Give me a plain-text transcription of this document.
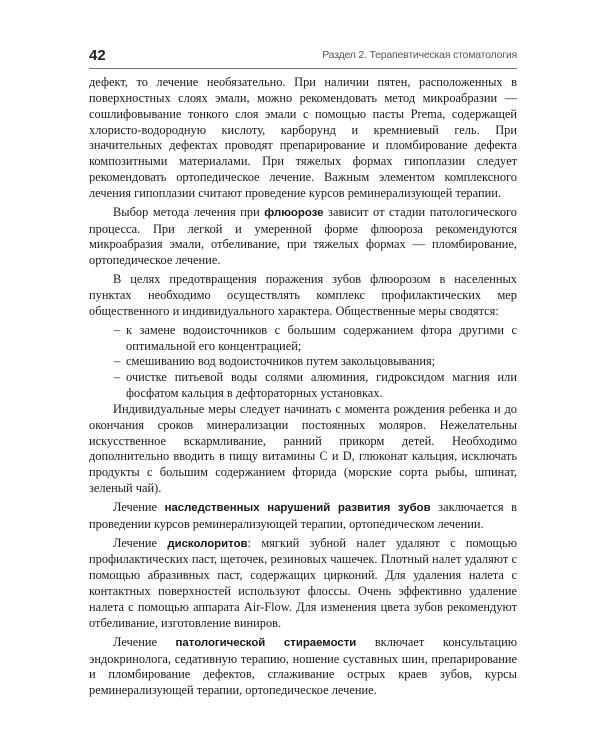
42	Раздел 2. Терапевтическая стоматология

дефект, то лечение необязательно. При наличии пятен, расположенных в поверхностных слоях эмали, можно рекомендовать метод микроабразии — сошлифовывание тонкого слоя эмали с помощью пасты Prema, содержащей хлористо-водородную кислоту, карборунд и кремниевый гель. При значительных дефектах проводят препарирование и пломбирование дефекта композитными материалами. При тяжелых формах гипоплазии следует рекомендовать ортопедическое лечение. Важным элементом комплексного лечения гипоплазии считают проведение курсов реминерализующей терапии.

Выбор метода лечения при флюорозе зависит от стадии патологического процесса. При легкой и умеренной форме флюороза рекомендуются микроабразия эмали, отбеливание, при тяжелых формах — пломбирование, ортопедическое лечение.

В целях предотвращения поражения зубов флюорозом в населенных пунктах необходимо осуществлять комплекс профилактических мер общественного и индивидуального характера. Общественные меры сводятся:

– к замене водоисточников с большим содержанием фтора другими с оптимальной его концентрацией;
– смешиванию вод водоисточников путем закольцовывания;
– очистке питьевой воды солями алюминия, гидроксидом магния или фосфатом кальция в дефтораторных установках.

Индивидуальные меры следует начинать с момента рождения ребенка и до окончания сроков минерализации постоянных моляров. Нежелательны искусственное вскармливание, ранний прикорм детей. Необходимо дополнительно вводить в пищу витамины С и D, глюконат кальция, исключать продукты с большим содержанием фторида (морские сорта рыбы, шпинат, зеленый чай).

Лечение наследственных нарушений развития зубов заключается в проведении курсов реминерализующей терапии, ортопедическом лечении.

Лечение дисколоритов: мягкий зубной налет удаляют с помощью профилактических паст, щеточек, резиновых чашечек. Плотный налет удаляют с помощью абразивных паст, содержащих цирконий. Для удаления налета с контактных поверхностей используют флоссы. Очень эффективно удаление налета с помощью аппарата Air-Flow. Для изменения цвета зубов рекомендуют отбеливание, изготовление виниров.

Лечение патологической стираемости включает консультацию эндокринолога, седативную терапию, ношение суставных шин, препарирование и пломбирование дефектов, сглаживание острых краев зубов, курсы реминерализующей терапии, ортопедическое лечение.
